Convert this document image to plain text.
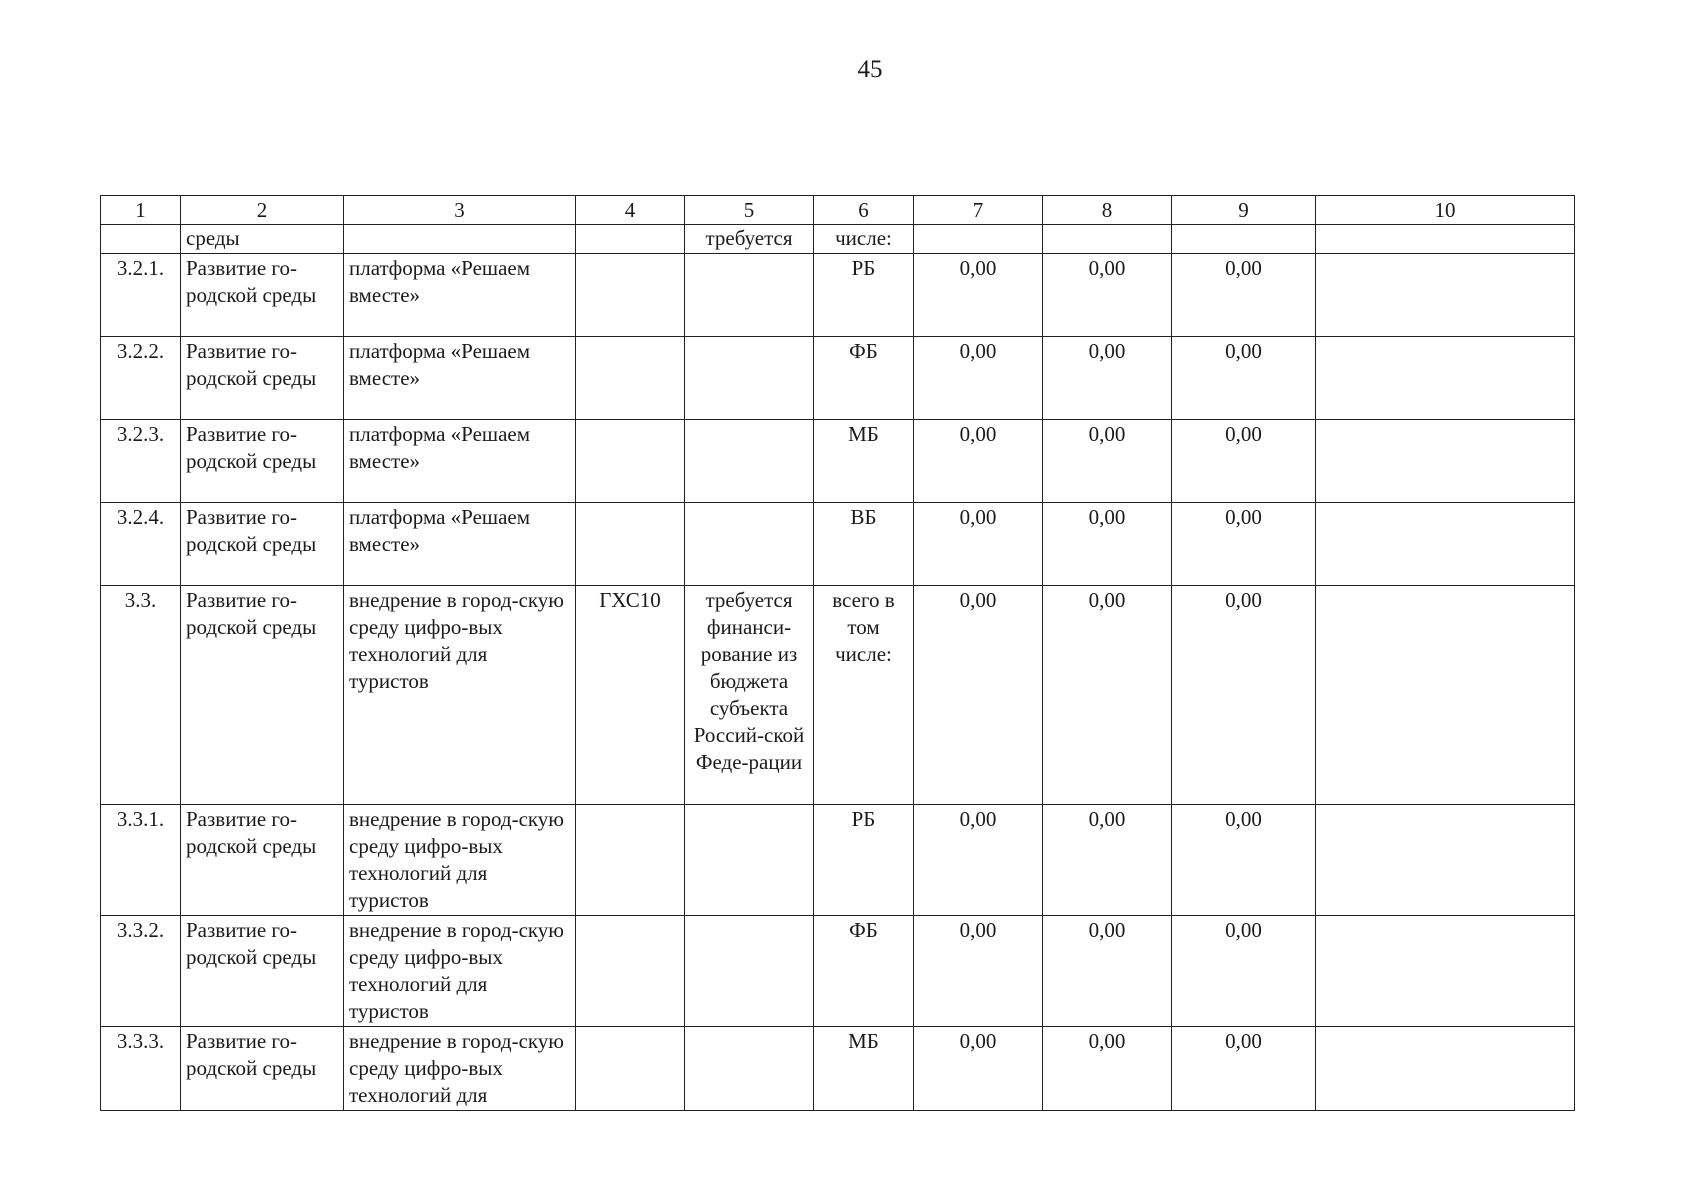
45
1	2	3	4	5	6	7	8	9	10
	среды			требуется	числе:				
3.2.1.	Развитие го-родской среды	платформа «Решаем вместе»			РБ	0,00	0,00	0,00	
3.2.2.	Развитие го-родской среды	платформа «Решаем вместе»			ФБ	0,00	0,00	0,00	
3.2.3.	Развитие го-родской среды	платформа «Решаем вместе»			МБ	0,00	0,00	0,00	
3.2.4.	Развитие го-родской среды	платформа «Решаем вместе»			ВБ	0,00	0,00	0,00	
3.3.	Развитие го-родской среды	внедрение в город-скую среду цифро-вых технологий для туристов	ГХС10	требуется финанси-рование из бюджета субъекта Россий-ской Феде-рации	всего в том числе:	0,00	0,00	0,00	
3.3.1.	Развитие го-родской среды	внедрение в город-скую среду цифро-вых технологий для туристов			РБ	0,00	0,00	0,00	
3.3.2.	Развитие го-родской среды	внедрение в город-скую среду цифро-вых технологий для туристов			ФБ	0,00	0,00	0,00	
3.3.3.	Развитие го-родской среды	внедрение в город-скую среду цифро-вых технологий для			МБ	0,00	0,00	0,00	
